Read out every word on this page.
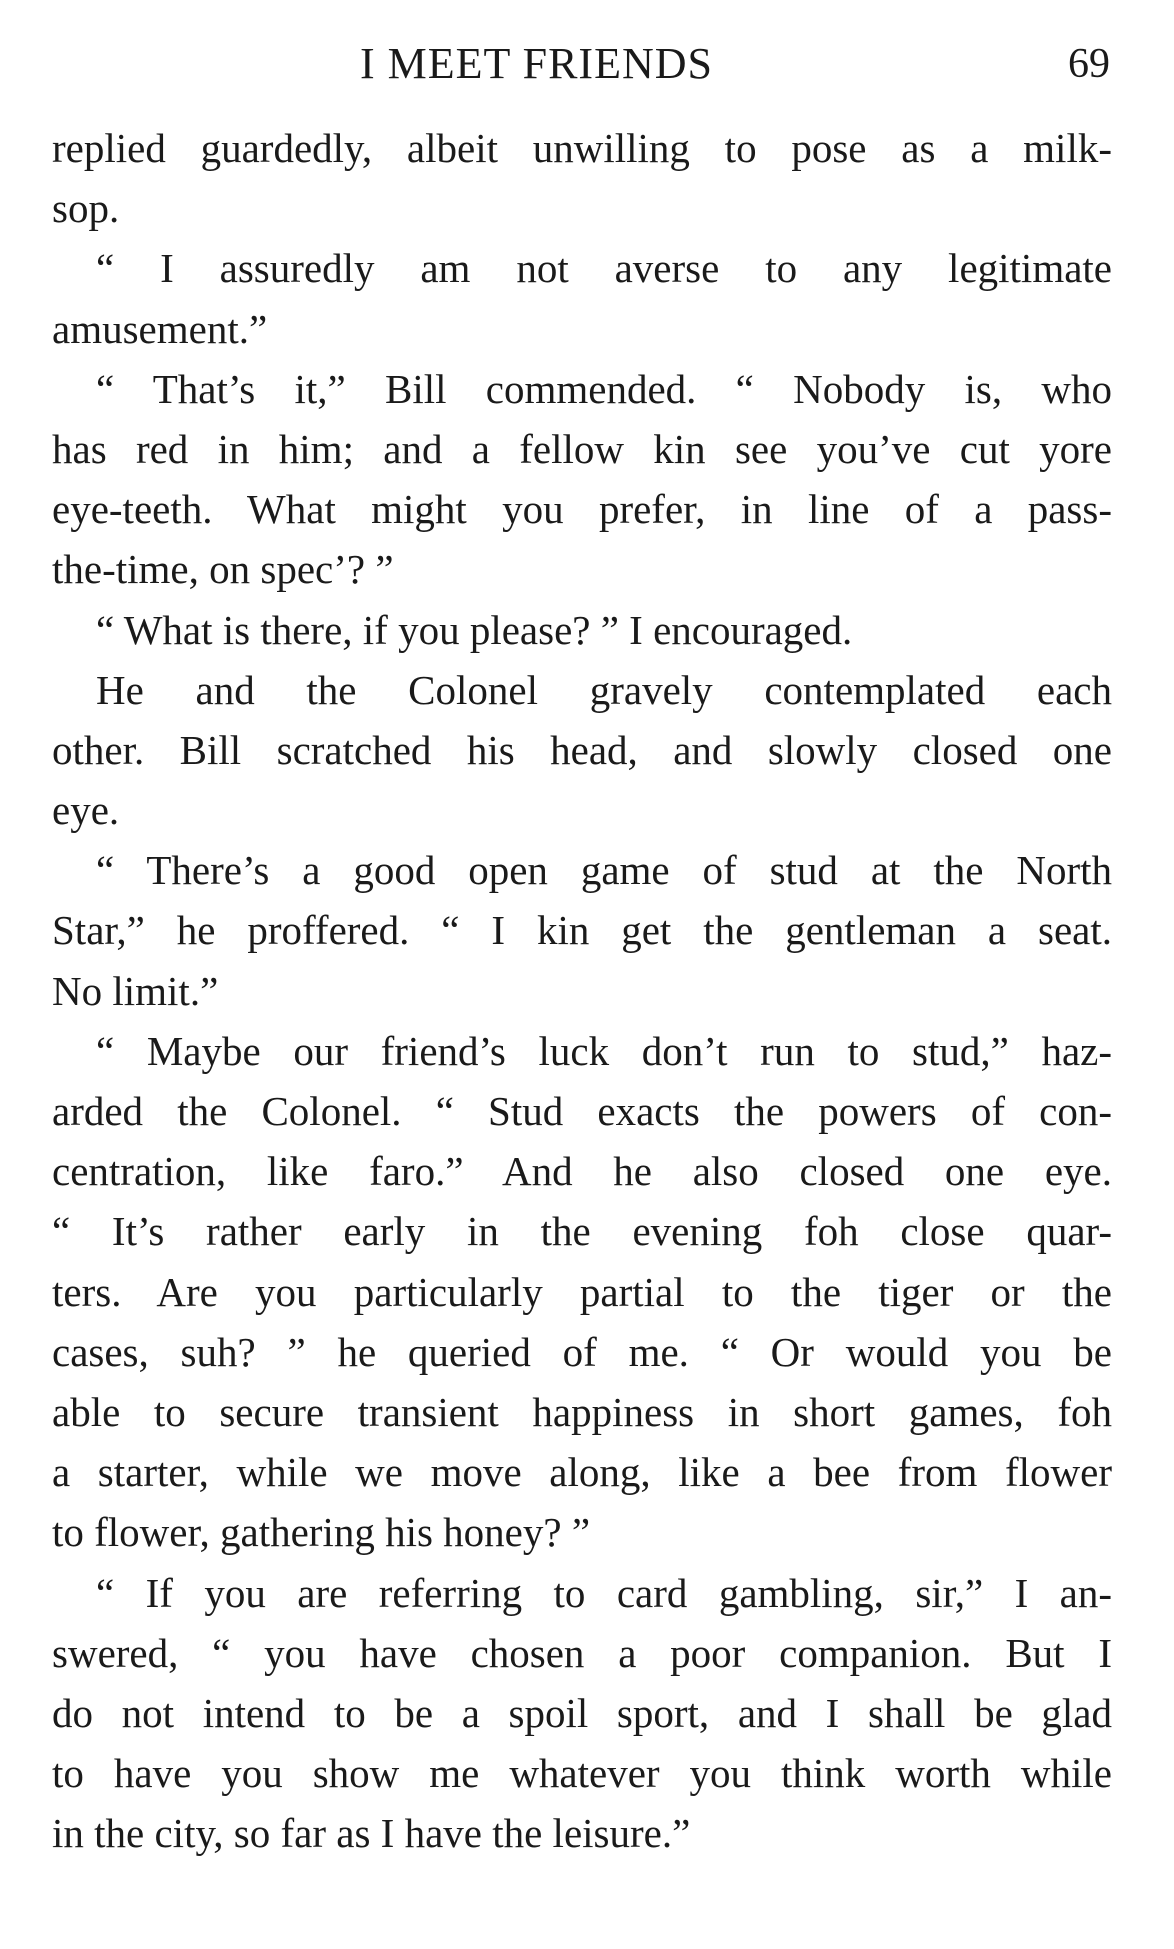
I MEET FRIENDS	69
replied guardedly, albeit unwilling to pose as a milk-
sop.
“ I assuredly am not averse to any legitimate
amusement.”
“ That’s it,” Bill commended. “ Nobody is, who
has red in him; and a fellow kin see you’ve cut yore
eye-teeth. What might you prefer, in line of a pass-
the-time, on spec’? ”
“ What is there, if you please? ” I encouraged.
He and the Colonel gravely contemplated each
other. Bill scratched his head, and slowly closed one
eye.
“ There’s a good open game of stud at the North
Star,” he proffered. “ I kin get the gentleman a seat.
No limit.”
“ Maybe our friend’s luck don’t run to stud,” haz-
arded the Colonel. “ Stud exacts the powers of con-
centration, like faro.” And he also closed one eye.
“ It’s rather early in the evening foh close quar-
ters. Are you particularly partial to the tiger or the
cases, suh? ” he queried of me. “ Or would you be
able to secure transient happiness in short games, foh
a starter, while we move along, like a bee from flower
to flower, gathering his honey? ”
“ If you are referring to card gambling, sir,” I an-
swered, “ you have chosen a poor companion. But I
do not intend to be a spoil sport, and I shall be glad
to have you show me whatever you think worth while
in the city, so far as I have the leisure.”
